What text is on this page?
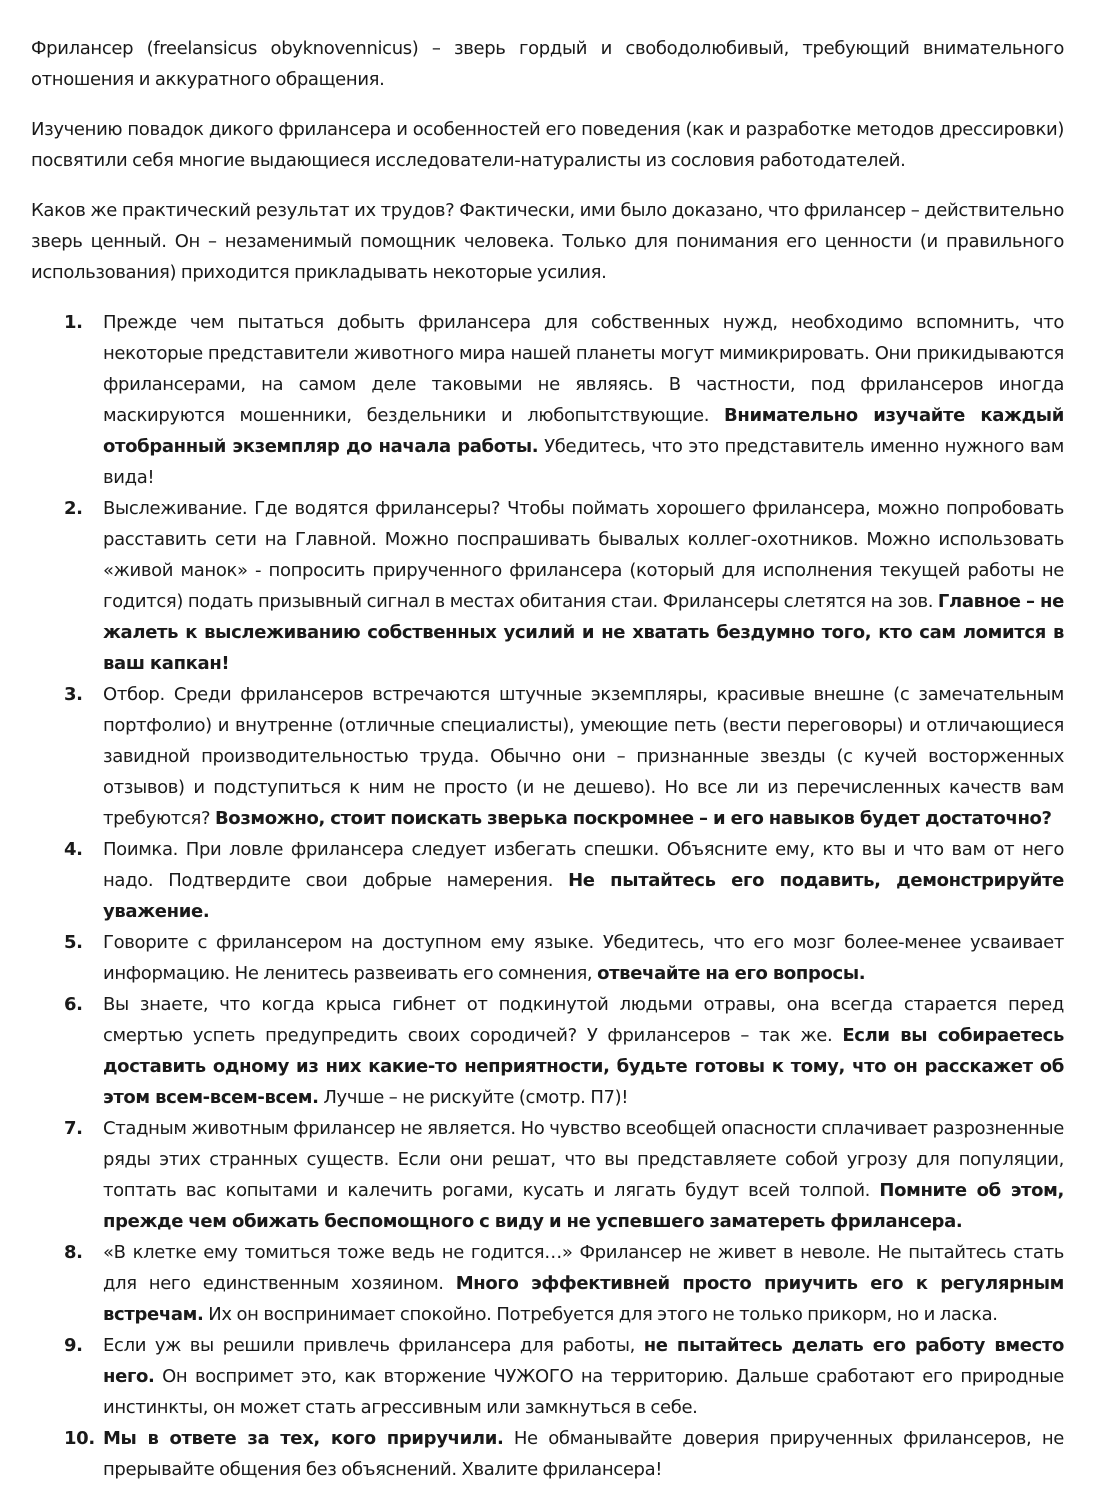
Фрилансер (freelansicus obyknovennicus) – зверь гордый и свободолюбивый, требующий внимательного отношения и аккуратного обращения.

Изучению повадок дикого фрилансера и особенностей его поведения (как и разработке методов дрессировки) посвятили себя многие выдающиеся исследователи-натуралисты из сословия работодателей.

Каков же практический результат их трудов? Фактически, ими было доказано, что фрилансер – действительно зверь ценный. Он – незаменимый помощник человека. Только для понимания его ценности (и правильного использования) приходится прикладывать некоторые усилия.

1. Прежде чем пытаться добыть фрилансера для собственных нужд, необходимо вспомнить, что некоторые представители животного мира нашей планеты могут мимикрировать. Они прикидываются фрилансерами, на самом деле таковыми не являясь. В частности, под фрилансеров иногда маскируются мошенники, бездельники и любопытствующие. Внимательно изучайте каждый отобранный экземпляр до начала работы. Убедитесь, что это представитель именно нужного вам вида!
2. Выслеживание. Где водятся фрилансеры? Чтобы поймать хорошего фрилансера, можно попробовать расставить сети на Главной. Можно поспрашивать бывалых коллег-охотников. Можно использовать «живой манок» - попросить прирученного фрилансера (который для исполнения текущей работы не годится) подать призывный сигнал в местах обитания стаи. Фрилансеры слетятся на зов. Главное – не жалеть к выслеживанию собственных усилий и не хватать бездумно того, кто сам ломится в ваш капкан!
3. Отбор. Среди фрилансеров встречаются штучные экземпляры, красивые внешне (с замечательным портфолио) и внутренне (отличные специалисты), умеющие петь (вести переговоры) и отличающиеся завидной производительностью труда. Обычно они – признанные звезды (с кучей восторженных отзывов) и подступиться к ним не просто (и не дешево). Но все ли из перечисленных качеств вам требуются? Возможно, стоит поискать зверька поскромнее – и его навыков будет достаточно?
4. Поимка. При ловле фрилансера следует избегать спешки. Объясните ему, кто вы и что вам от него надо. Подтвердите свои добрые намерения. Не пытайтесь его подавить, демонстрируйте уважение.
5. Говорите с фрилансером на доступном ему языке. Убедитесь, что его мозг более-менее усваивает информацию. Не ленитесь развеивать его сомнения, отвечайте на его вопросы.
6. Вы знаете, что когда крыса гибнет от подкинутой людьми отравы, она всегда старается перед смертью успеть предупредить своих сородичей? У фрилансеров – так же. Если вы собираетесь доставить одному из них какие-то неприятности, будьте готовы к тому, что он расскажет об этом всем-всем-всем. Лучше – не рискуйте (смотр. П7)!
7. Стадным животным фрилансер не является. Но чувство всеобщей опасности сплачивает разрозненные ряды этих странных существ. Если они решат, что вы представляете собой угрозу для популяции, топтать вас копытами и калечить рогами, кусать и лягать будут всей толпой. Помните об этом, прежде чем обижать беспомощного с виду и не успевшего заматереть фрилансера.
8. «В клетке ему томиться тоже ведь не годится…» Фрилансер не живет в неволе. Не пытайтесь стать для него единственным хозяином. Много эффективней просто приучить его к регулярным встречам. Их он воспринимает спокойно. Потребуется для этого не только прикорм, но и ласка.
9. Если уж вы решили привлечь фрилансера для работы, не пытайтесь делать его работу вместо него. Он воспримет это, как вторжение ЧУЖОГО на территорию. Дальше сработают его природные инстинкты, он может стать агрессивным или замкнуться в себе.
10. Мы в ответе за тех, кого приручили. Не обманывайте доверия прирученных фрилансеров, не прерывайте общения без объяснений. Хвалите фрилансера!
